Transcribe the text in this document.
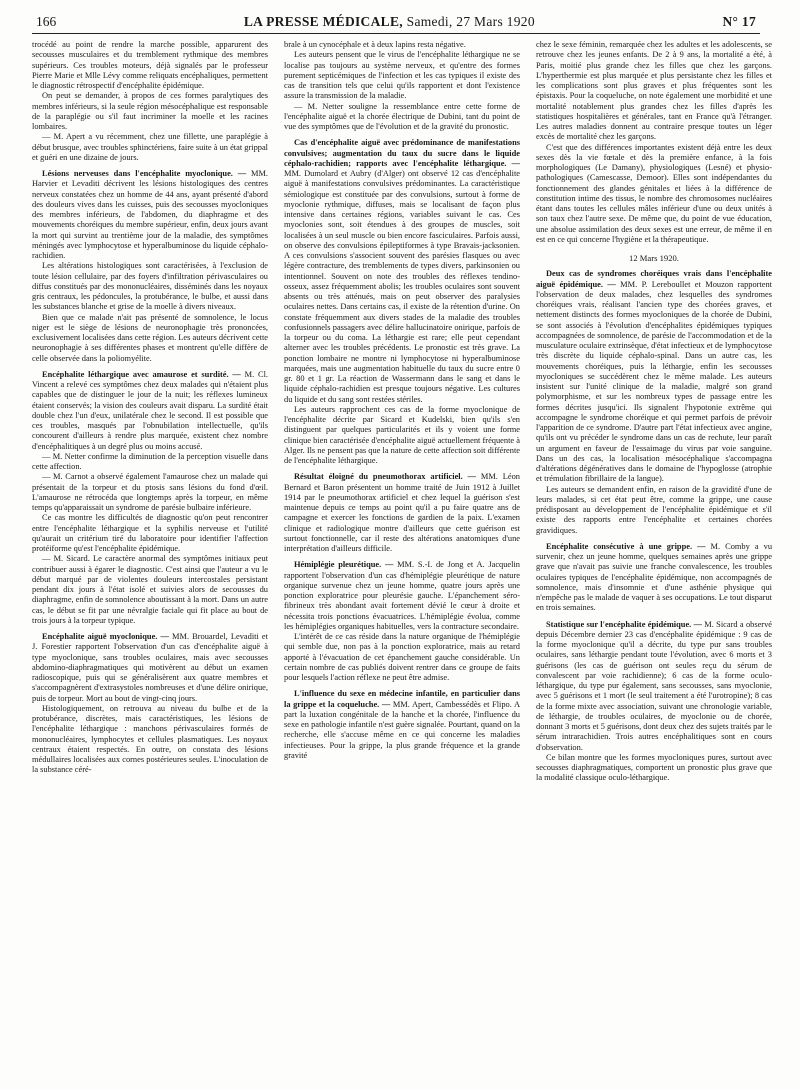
166	LA PRESSE MÉDICALE, Samedi, 27 Mars 1920	N° 17

trocédé au point de rendre la marche possible, apparurent des secousses musculaires et du tremblement rythmique des membres supérieurs. Ces troubles moteurs, déjà signalés par le professeur Pierre Marie et Mlle Lévy comme reliquats encéphaliques, permettent le diagnostic rétrospectif d'encéphalite épidémique.

On peut se demander, à propos de ces formes paralytiques des membres inférieurs, si la seule région mésocéphalique est responsable de la paraplégie ou s'il faut incriminer la moelle et les racines lombaires.

— M. Apert a vu récemment, chez une fillette, une paraplégie à début brusque, avec troubles sphinctériens, faire suite à un état grippal et guéri en une dizaine de jours.

Lésions nerveuses dans l'encéphalite myoclonique. — MM. Harvier et Levaditi décrivent les lésions histologiques des centres nerveux constatées chez un homme de 44 ans, ayant présenté d'abord des douleurs vives dans les cuisses, puis des secousses myocloniques des membres inférieurs, de l'abdomen, du diaphragme et des mouvements choréiques du membre supérieur, enfin, deux jours avant la mort qui survint au trentième jour de la maladie, des symptômes méningés avec lymphocytose et hyperalbuminose du liquide céphalo-rachidien.

Les altérations histologiques sont caractérisées, à l'exclusion de toute lésion cellulaire, par des foyers d'infiltration périvasculaires ou diffus constitués par des mononucléaires, disséminés dans les noyaux gris centraux, les pédoncules, la protubérance, le bulbe, et aussi dans les substances blanche et grise de la moelle à divers niveaux.

Bien que ce malade n'ait pas présenté de somnolence, le locus niger est le siège de lésions de neuronophagie très prononcées, exclusivement localisées dans cette région. Les auteurs décrivent cette neuronophagie à ses différentes phases et montrent qu'elle diffère de celle observée dans la poliomyélite.

Encéphalite léthargique avec amaurose et surdité. — M. Cl. Vincent a relevé ces symptômes chez deux malades qui n'étaient plus capables que de distinguer le jour de la nuit; les réflexes lumineux étaient conservés; la vision des couleurs avait disparu. La surdité était double chez l'un d'eux, unilatérale chez le second. Il est possible que ces troubles, masqués par l'obnubilation intellectuelle, qu'ils concourent d'ailleurs à rendre plus marquée, existent chez nombre d'encéphalitiques à un degré plus ou moins accusé.

— M. Netter confirme la diminution de la perception visuelle dans cette affection.

— M. Carnot a observé également l'amaurose chez un malade qui présentait de la torpeur et du ptosis sans lésions du fond d'œil. L'amaurose ne rétrocéda que longtemps après la torpeur, en même temps qu'apparaissait un syndrome de parésie bulbaire inférieure.

Ce cas montre les difficultés de diagnostic qu'on peut rencontrer entre l'encéphalite léthargique et la syphilis nerveuse et l'utilité qu'aurait un critérium tiré du laboratoire pour identifier l'affection protéiforme qu'est l'encéphalite épidémique.

— M. Sicard. Le caractère anormal des symptômes initiaux peut contribuer aussi à égarer le diagnostic. C'est ainsi que l'auteur a vu le début marqué par de violentes douleurs intercostales persistant pendant dix jours à l'état isolé et suivies alors de secousses du diaphragme, enfin de somnolence aboutissant à la mort. Dans un autre cas, le début se fit par une névralgie faciale qui fit place au bout de trois jours à la torpeur typique.

Encéphalite aiguë myoclonique. — MM. Brouardel, Levaditi et J. Forestier rapportent l'observation d'un cas d'encéphalite aiguë à type myoclonique, sans troubles oculaires, mais avec secousses abdomino-diaphragmatiques qui motivèrent au début un examen radioscopique, puis qui se généralisèrent aux quatre membres et s'accompagnèrent d'extrasystoles nombreuses et d'une délire onirique, puis de torpeur. Mort au bout de vingt-cinq jours.

Histologiquement, on retrouva au niveau du bulbe et de la protubérance, discrètes, mais caractéristiques, les lésions de l'encéphalite léthargique : manchons périvasculaires formés de mononucléaires, lymphocytes et cellules plasmatiques. Les noyaux centraux étaient respectés. En outre, on constata des lésions médullaires localisées aux cornes postérieures seules. L'inoculation de la substance céré-

brale à un cynocéphale et à deux lapins resta négative.

Les auteurs pensent que le virus de l'encéphalite léthargique ne se localise pas toujours au système nerveux, et qu'entre des formes purement septicémiques de l'infection et les cas typiques il existe des cas de transition tels que celui qu'ils rapportent et dont l'existence assure la transmission de la maladie.

— M. Netter souligne la ressemblance entre cette forme de l'encéphalite aiguë et la chorée électrique de Dubini, tant du point de vue des symptômes que de l'évolution et de la gravité du pronostic.

Cas d'encéphalite aiguë avec prédominance de manifestations convulsives; augmentation du taux du sucre dans le liquide céphalo-rachidien; rapports avec l'encéphalite léthargique. — MM. Dumolard et Aubry (d'Alger) ont observé 12 cas d'encéphalite aiguë à manifestations convulsives prédominantes. La caractéristique sémiologique est constituée par des convulsions, surtout à forme de myoclonie rythmique, diffuses, mais se localisant de façon plus intensive dans certaines régions, variables suivant le cas. Ces myoclonies sont, soit étendues à des groupes de muscles, soit localisées à un seul muscle ou bien encore fasciculaires. Parfois aussi, on observe des convulsions épileptiformes à type Bravais-jacksonien. A ces convulsions s'associent souvent des parésies flasques ou avec légère contracture, des tremblements de types divers, parkinsonien ou intentionnel. Souvent on note des troubles des réflexes tendino-osseux, assez fréquemment abolis; les troubles oculaires sont souvent absents ou très atténués, mais on peut observer des paralysies oculaires nettes. Dans certains cas, il existe de la rétention d'urine. On constate fréquemment aux divers stades de la maladie des troubles confusionnels passagers avec délire hallucinatoire onirique, parfois de la torpeur ou du coma. La léthargie est rare; elle peut cependant alterner avec les troubles précédents. Le pronostic est très grave. La ponction lombaire ne montre ni lymphocytose ni hyperalbuminose marquées, mais une augmentation habituelle du taux du sucre entre 0 gr. 80 et 1 gr. La réaction de Wassermann dans le sang et dans le liquide céphalo-rachidien est presque toujours négative. Les cultures du liquide et du sang sont restées stériles.

Les auteurs rapprochent ces cas de la forme myoclonique de l'encéphalite décrite par Sicard et Kudelski, bien qu'ils s'en distinguent par quelques particularités et ils y voient une forme clinique bien caractérisée d'encéphalite aiguë actuellement fréquente à Alger. Ils ne pensent pas que la nature de cette affection soit différente de l'encéphalite léthargique.

Résultat éloigné du pneumothorax artificiel. — MM. Léon Bernard et Baron présentent un homme traité de Juin 1912 à Juillet 1914 par le pneumothorax artificiel et chez lequel la guérison s'est maintenue depuis ce temps au point qu'il a pu faire quatre ans de campagne et exercer les fonctions de gardien de la paix. L'examen clinique et radiologique montre d'ailleurs que cette guérison est surtout fonctionnelle, car il reste des altérations anatomiques d'une interprétation d'ailleurs difficile.

Hémiplégie pleurétique. — MM. S.-I. de Jong et A. Jacquelin rapportent l'observation d'un cas d'hémiplégie pleurétique de nature organique survenue chez un jeune homme, quatre jours après une ponction exploratrice pour pleurésie gauche. L'épanchement séro-fibrineux très abondant avait fortement dévié le cœur à droite et nécessita trois ponctions évacuatrices. L'hémiplégie évolua, comme les hémiplégies organiques habituelles, vers la contracture secondaire.

L'intérêt de ce cas réside dans la nature organique de l'hémiplégie qui semble due, non pas à la ponction exploratrice, mais au retard apporté à l'évacuation de cet épanchement gauche considérable. Un certain nombre de cas publiés doivent rentrer dans ce groupe de faits pour lesquels l'action réflexe ne peut être admise.

L'influence du sexe en médecine infantile, en particulier dans la grippe et la coqueluche. — MM. Apert, Cambessédès et Flipo. A part la luxation congénitale de la hanche et la chorée, l'influence du sexe en pathologie infantile n'est guère signalée. Pourtant, quand on la recherche, elle s'accuse même en ce qui concerne les maladies infectieuses. Pour la grippe, la plus grande fréquence et la grande gravité

chez le sexe féminin, remarquée chez les adultes et les adolescents, se retrouve chez les jeunes enfants. De 2 à 9 ans, la mortalité a été, à Paris, moitié plus grande chez les filles que chez les garçons. L'hyperthermie est plus marquée et plus persistante chez les filles et les complications sont plus graves et plus fréquentes sont les épistaxis. Pour la coqueluche, on note également une morbidité et une mortalité notablement plus grandes chez les filles d'après les statistiques hospitalières et générales, tant en France qu'à l'étranger. Les autres maladies donnent au contraire presque toutes un léger excès de mortalité chez les garçons.

C'est que des différences importantes existent déjà entre les deux sexes dès la vie fœtale et dès la première enfance, à la fois morphologiques (Le Damany), physiologiques (Lesné) et physio-pathologiques (Camescasse, Demoor). Elles sont indépendantes du fonctionnement des glandes génitales et liées à la différence de constitution intime des tissus, le nombre des chromosomes nucléaires étant dans toutes les cellules mâles inférieur d'une ou deux unités à son taux chez l'autre sexe. De même que, du point de vue éducation, une absolue assimilation des deux sexes est une erreur, de même il en est en ce qui concerne l'hygiène et la thérapeutique.

12 Mars 1920.

Deux cas de syndromes choréiques vrais dans l'encéphalite aiguë épidémique. — MM. P. Lereboullet et Mouzon rapportent l'observation de deux malades, chez lesquelles des syndromes choréiques vrais, réalisant l'ancien type des chorées graves, et nettement distincts des formes myocloniques de la chorée de Dubini, se sont associés à l'évolution d'encéphalites épidémiques typiques accompagnées de somnolence, de parésie de l'accommodation et de la musculature oculaire extrinsèque, d'état infectieux et de lymphocytose très discrète du liquide céphalo-spinal. Dans un autre cas, les mouvements choréiques, puis la léthargie, enfin les secousses myocloniques se succédèrent chez le même malade. Les auteurs insistent sur l'unité clinique de la maladie, malgré son grand polymorphisme, et sur les nombreux types de passage entre les formes décrites jusqu'ici. Ils signalent l'hypotonie extrême qui accompagne le syndrome choréique et qui permet parfois de prévoir l'apparition de ce syndrome. D'autre part l'état infectieux avec angine, qu'ils ont vu précéder le syndrome dans un cas de rechute, leur paraît un argument en faveur de l'essaimage du virus par voie sanguine. Dans un des cas, la localisation mésocéphalique s'accompagna d'altérations dégénératives dans le domaine de l'hypoglosse (atrophie et trémulation fibrillaire de la langue).

Les auteurs se demandent enfin, en raison de la gravidité d'une de leurs malades, si cet état peut être, comme la grippe, une cause prédisposant au développement de l'encéphalite épidémique et s'il existe des rapports entre l'encéphalite et certaines chorées gravidiques.

Encéphalite consécutive à une grippe. — M. Comby a vu survenir, chez un jeune homme, quelques semaines après une grippe grave que n'avait pas suivie une franche convalescence, les troubles oculaires typiques de l'encéphalite épidémique, non accompagnés de somnolence, mais d'insomnie et d'une asthénie physique qui n'empêche pas le malade de vaquer à ses occupations. Le tout disparut en trois semaines.

Statistique sur l'encéphalite épidémique. — M. Sicard a observé depuis Décembre dernier 23 cas d'encéphalite épidémique : 9 cas de la forme myoclonique qu'il a décrite, du type pur sans troubles oculaires, sans léthargie pendant toute l'évolution, avec 6 morts et 3 guérisons (les cas de guérison ont seules reçu du sérum de convalescent par voie rachidienne); 6 cas de la forme oculo-léthargique, du type pur également, sans secousses, sans myoclonie, avec 5 guérisons et 1 mort (le seul traitement a été l'urotropine); 8 cas de la forme mixte avec association, suivant une chronologie variable, de léthargie, de troubles oculaires, de myoclonie ou de chorée, donnant 3 morts et 5 guérisons, dont deux chez des sujets traités par le sérum intrarachidien. Trois autres encéphalitiques sont en cours d'observation.

Ce bilan montre que les formes myocloniques pures, surtout avec secousses diaphragmatiques, comportent un pronostic plus grave que la modalité classique oculo-léthargique.
